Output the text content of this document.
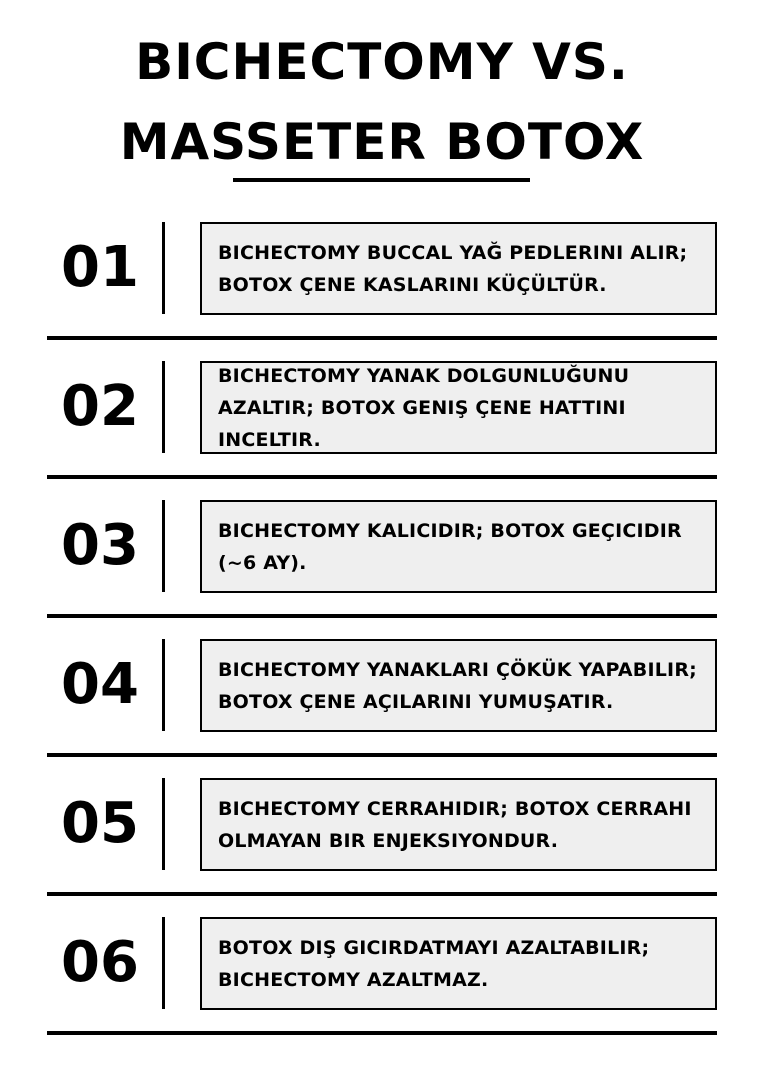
BICHECTOMY VS.
MASSETER BOTOX
01	BICHECTOMY BUCCAL YAĞ PEDLERINI ALIR; BOTOX ÇENE KASLARINI KÜÇÜLTÜR.
02	BICHECTOMY YANAK DOLGUNLUĞUNU AZALTIR; BOTOX GENIŞ ÇENE HATTINI INCELTIR.
03	BICHECTOMY KALICIDIR; BOTOX GEÇICIDIR (~6 AY).
04	BICHECTOMY YANAKLARI ÇÖKÜK YAPABILIR; BOTOX ÇENE AÇILARINI YUMUŞATIR.
05	BICHECTOMY CERRAHIDIR; BOTOX CERRAHI OLMAYAN BIR ENJEKSIYONDUR.
06	BOTOX DIŞ GICIRDATMAYI AZALTABILIR; BICHECTOMY AZALTMAZ.
